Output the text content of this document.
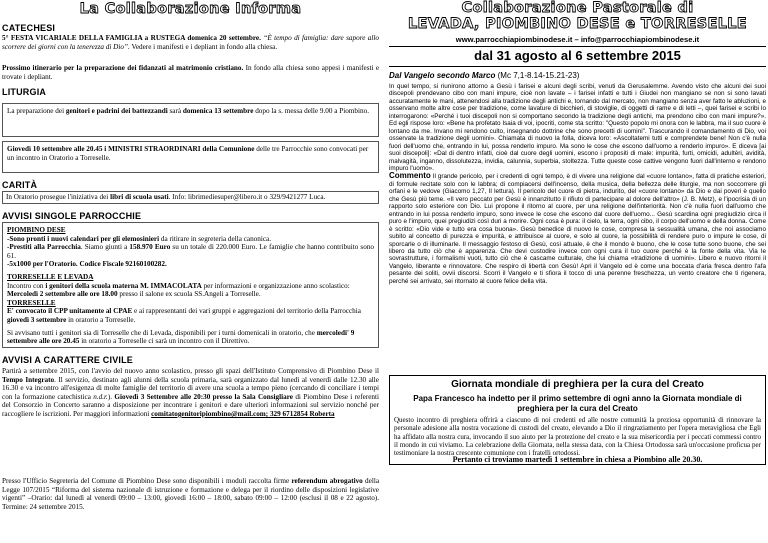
La Collaborazione Informa
CATECHESI
5° FESTA VICARIALE DELLA FAMIGLIA a RUSTEGA domenica 20 settembre. “È tempo di famiglia: dare sapore allo scorrere dei giorni con la tenerezza di Dio”. Vedere i manifesti e i depliant in fondo alla chiesa.
Prossimo itinerario per la preparazione dei fidanzati al matrimonio cristiano. In fondo alla chiesa sono appesi i manifesti e trovate i depliant.
LITURGIA
La preparazione dei genitori e padrini dei battezzandi sarà domenica 13 settembre dopo la s. messa delle 9.00 a Piombino.
Giovedì 10 settembre alle 20.45 i MINISTRI STRAORDINARI della Comunione delle tre Parrocchie sono convocati per un incontro in Oratorio a Torreselle.
CARITÀ
In Oratorio prosegue l'iniziativa dei libri di scuola usati. Info: librimediesuper@libero.it o 329/9421277 Luca.
AVVISI SINGOLE PARROCCHIE
PIOMBINO DESE
-Sono pronti i nuovi calendari per gli elemosinieri da ritirare in segreteria della canonica.
-Prestiti alla Parrocchia. Siamo giunti a 158.970 Euro su un totale di 220.000 Euro. Le famiglie che hanno contribuito sono 61.
-5x1000 per l'Oratorio. Codice Fiscale 92160100282.
TORRESELLE E LEVADA
Incontro con i genitori della scuola materna M. IMMACOLATA per informazioni e organizzazione anno scolastico: Mercoledì 2 settembre alle ore 18.00 presso il salone ex scuola SS.Angeli a Torreselle.
TORRESELLE
E' convocato il CPP unitamente al CPAE e ai rappresentanti dei vari gruppi e aggregazioni del territorio della Parrocchia giovedì 3 settembre in oratorio a Torreselle.
Si avvisano tutti i genitori sia di Torreselle che di Levada, disponibili per i turni domenicali in oratorio, che mercoledi' 9 settembre alle ore 20.45 in oratorio a Torreselle ci sarà un incontro con il Direttivo.
AVVISI A CARATTERE CIVILE
Partirà a settembre 2015, con l'avvio del nuovo anno scolastico, presso gli spazi dell'Istituto Comprensivo di Piombino Dese il Tempo Integrato. Il servizio, destinato agli alunni della scuola primaria, sarà organizzato dal lunedì al venerdì dalle 12.30 alle 16.30 e va incontro all'esigenza di molte famiglie del territorio di avere una scuola a tempo pieno (cercando di conciliare i tempi con la formazione catechistica n.d.r.). Giovedì 3 Settembre alle 20:30 presso la Sala Consigliare di Piombino Dese i referenti del Consorzio in Concerto saranno a disposizione per incontrare i genitori e dare ulteriori informazioni sul servizio nonché per raccogliere le iscrizioni. Per maggiori informazioni comitatogenitoripiombino@mail.com; 329 6712854 Roberta
Presso l'Ufficio Segreteria del Comune di Piombino Dese sono disponibili i moduli raccolta firme referendum abrogativo della Legge 107/2015 “Riforma del sistema nazionale di istruzione e formazione e delega per il riordino delle disposizioni legislative vigenti” –Orario: dal lunedì al venerdì 09:00 – 13:00, giovedì 16:00 – 18:00, sabato 09:00 – 12:00 (esclusi il 08 e 22 agosto). Termine: 24 settembre 2015.
Collaborazione Pastorale di
LEVADA, PIOMBINO DESE e TORRESELLE
www.parrocchiapiombinodese.it – info@parrocchiapiombinodese.it
dal 31 agosto al 6 settembre 2015
Dal Vangelo secondo Marco (Mc 7,1-8.14-15.21-23)
In quel tempo, si riunirono attorno a Gesù i farisei e alcuni degli scribi, venuti da Gerusalemme. Avendo visto che alcuni dei suoi discepoli prendevano cibo con mani impure, cioè non lavate – i farisei infatti e tutti i Giudei non mangiano se non si sono lavati accuratamente le mani, attenendosi alla tradizione degli antichi e, tornando dal mercato, non mangiano senza aver fatto le abluzioni, e osservano molte altre cose per tradizione, come lavature di bicchieri, di stoviglie, di oggetti di rame e di letti –, quei farisei e scribi lo interrogarono: «Perché i tuoi discepoli non si comportano secondo la tradizione degli antichi, ma prendono cibo con mani impure?». Ed egli rispose loro: «Bene ha profetato Isaia di voi, ipocriti, come sta scritto: "Questo popolo mi onora con le labbra, ma il suo cuore è lontano da me. Invano mi rendono culto, insegnando dottrine che sono precetti di uomini". Trascurando il comandamento di Dio, voi osservate la tradizione degli uomini». Chiamata di nuovo la folla, diceva loro: «Ascoltatemi tutti e comprendete bene! Non c'è nulla fuori dell'uomo che, entrando in lui, possa renderlo impuro. Ma sono le cose che escono dall'uomo a renderlo impuro». E diceva [ai suoi discepoli]: «Dal di dentro infatti, cioè dal cuore degli uomini, escono i propositi di male: impurità, furti, omicidi, adultèri, avidità, malvagità, inganno, dissolutezza, invidia, calunnia, superbia, stoltezza. Tutte queste cose cattive vengono fuori dall'interno e rendono impuro l'uomo».
Commento Il grande pericolo, per i credenti di ogni tempo, è di vivere una religione dal «cuore lontano», fatta di pratiche esteriori, di formule recitate solo con le labbra; di compiacersi dell'incenso, della musica, della bellezza delle liturgie, ma non soccorrere gli orfani e le vedove (Giacomo 1,27, II lettura). Il pericolo del cuore di pietra, indurito, del «cuore lontano» da Dio e dai poveri è quello che Gesù più teme. «Il vero peccato per Gesù è innanzitutto il rifiuto di partecipare al dolore dell'altro» (J. B. Metz), e l'ipocrisia di un rapporto solo esteriore con Dio. Lui propone il ritorno al cuore, per una religione dell'interiorità. Non c'è nulla fuori dall'uomo che entrando in lui possa renderlo impuro, sono invece le cose che escono dal cuore dell'uomo... Gesù scardina ogni pregiudizio circa il puro e l'impuro, quei pregiudizi così duri a morire. Ogni cosa è pura: il cielo, la terra, ogni cibo, il corpo dell'uomo e della donna. Come è scritto: «Dio vide e tutto era cosa buona». Gesù benedice di nuovo le cose, compresa la sessualità umana, che noi associamo subito al concetto di purezza e impurità, e attribuisce al cuore, e solo al cuore, la possibilità di rendere puro o impure le cose, di sporcarle o di illuminarle. Il messaggio festoso di Gesù, così attuale, è che il mondo è buono, che le cose tutte sono buone, che sei libero da tutto ciò che è apparenza. Che devi custodire invece con ogni cura il tuo cuore perché è la fonte della vita. Via le sovrastrutture, i formalismi vuoti, tutto ciò che è cascame culturale, che lui chiama «tradizione di uomini». Libero e nuovo ritorni il Vangelo, liberante e rinnovatore. Che respiro di libertà con Gesù! Apri il Vangelo ed è come una boccata d'aria fresca dentro l'afa pesante dei soliti, ovvii discorsi. Scorri il Vangelo e ti sfiora il tocco di una perenne freschezza, un vento creatore che ti rigenera, perché sei arrivato, sei ritornato al cuore felice della vita.
Giornata mondiale di preghiera per la cura del Creato
Papa Francesco ha indetto per il primo settembre di ogni anno la Giornata mondiale di preghiera per la cura del Creato
Questo incontro di preghiera offrirà a ciascuno di noi credenti ed alle nostre comunità la preziosa opportunità di rinnovare la personale adesione alla nostra vocazione di custodi del creato, elevando a Dio il ringraziamento per l'opera meravigliosa che Egli ha affidato alla nostra cura, invocando il suo aiuto per la protezione del creato e la sua misericordia per i peccati commessi contro il mondo in cui viviamo. La celebrazione della Giornata, nella stessa data, con la Chiesa Ortodossa sarà un'occasione proficua per testimoniare la nostra crescente comunione con i fratelli ortodossi.
Pertanto ci troviamo martedì 1 settembre in chiesa a Piombino alle 20.30.
